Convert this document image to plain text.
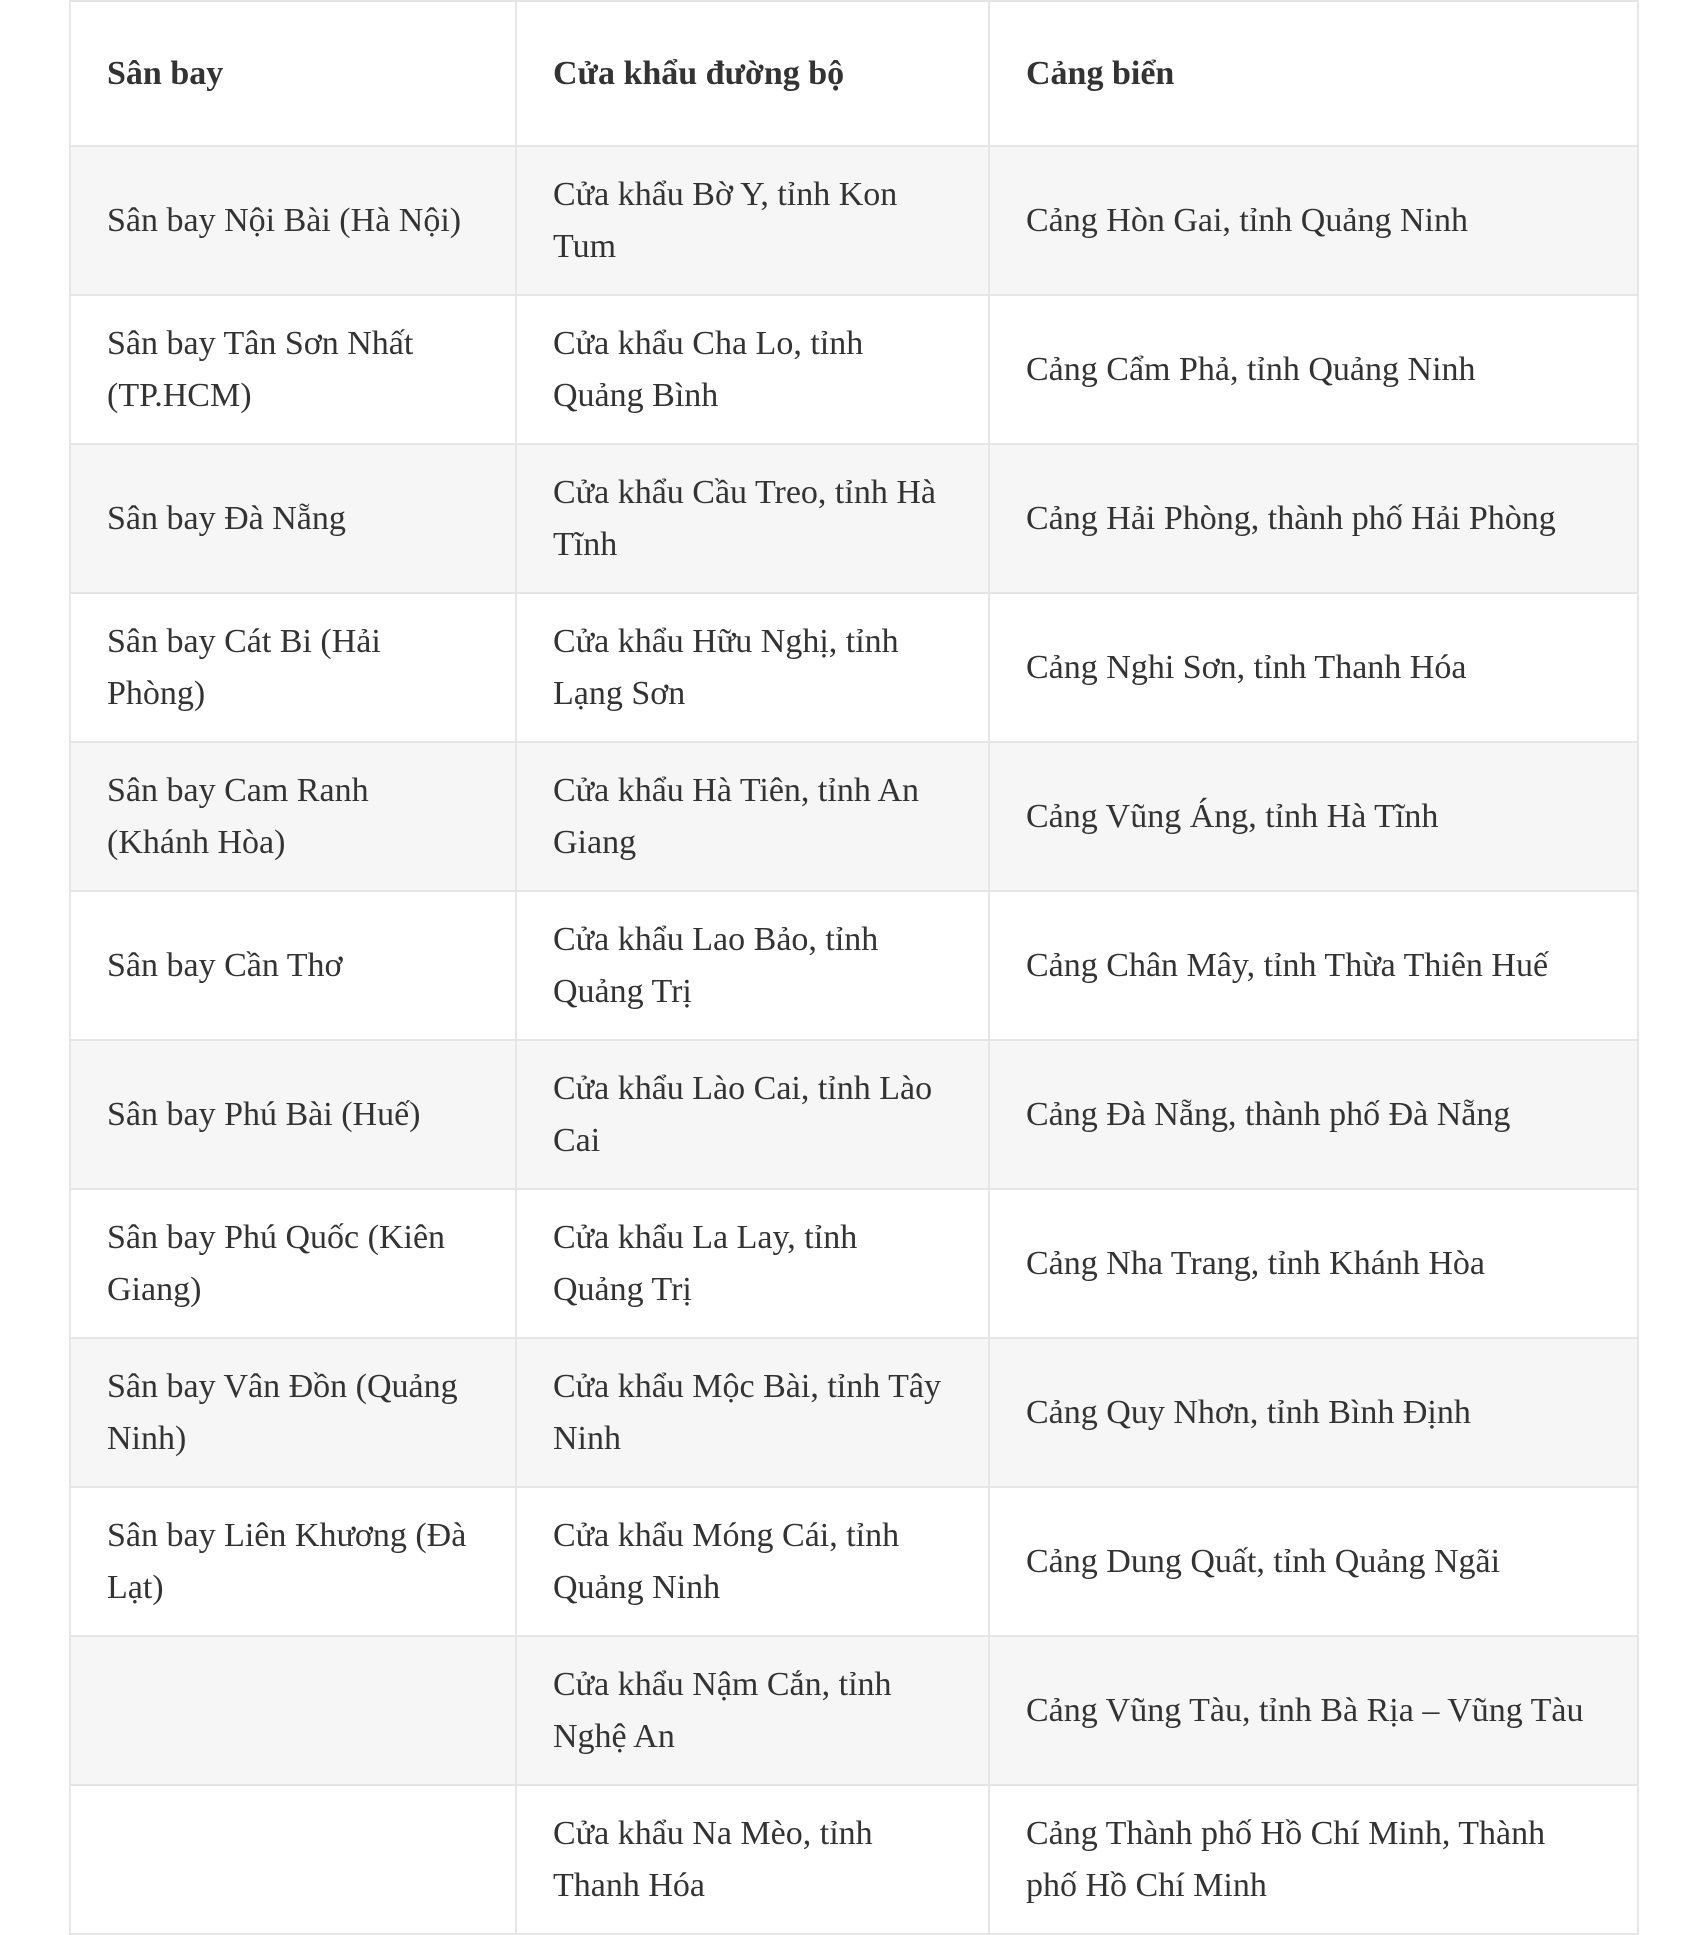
Sân bay	Cửa khẩu đường bộ	Cảng biển
Sân bay Nội Bài (Hà Nội)	Cửa khẩu Bờ Y, tỉnh Kon Tum	Cảng Hòn Gai, tỉnh Quảng Ninh
Sân bay Tân Sơn Nhất (TP.HCM)	Cửa khẩu Cha Lo, tỉnh Quảng Bình	Cảng Cẩm Phả, tỉnh Quảng Ninh
Sân bay Đà Nẵng	Cửa khẩu Cầu Treo, tỉnh Hà Tĩnh	Cảng Hải Phòng, thành phố Hải Phòng
Sân bay Cát Bi (Hải Phòng)	Cửa khẩu Hữu Nghị, tỉnh Lạng Sơn	Cảng Nghi Sơn, tỉnh Thanh Hóa
Sân bay Cam Ranh (Khánh Hòa)	Cửa khẩu Hà Tiên, tỉnh An Giang	Cảng Vũng Áng, tỉnh Hà Tĩnh
Sân bay Cần Thơ	Cửa khẩu Lao Bảo, tỉnh Quảng Trị	Cảng Chân Mây, tỉnh Thừa Thiên Huế
Sân bay Phú Bài (Huế)	Cửa khẩu Lào Cai, tỉnh Lào Cai	Cảng Đà Nẵng, thành phố Đà Nẵng
Sân bay Phú Quốc (Kiên Giang)	Cửa khẩu La Lay, tỉnh Quảng Trị	Cảng Nha Trang, tỉnh Khánh Hòa
Sân bay Vân Đồn (Quảng Ninh)	Cửa khẩu Mộc Bài, tỉnh Tây Ninh	Cảng Quy Nhơn, tỉnh Bình Định
Sân bay Liên Khương (Đà Lạt)	Cửa khẩu Móng Cái, tỉnh Quảng Ninh	Cảng Dung Quất, tỉnh Quảng Ngãi
	Cửa khẩu Nậm Cắn, tỉnh Nghệ An	Cảng Vũng Tàu, tỉnh Bà Rịa – Vũng Tàu
	Cửa khẩu Na Mèo, tỉnh Thanh Hóa	Cảng Thành phố Hồ Chí Minh, Thành phố Hồ Chí Minh
